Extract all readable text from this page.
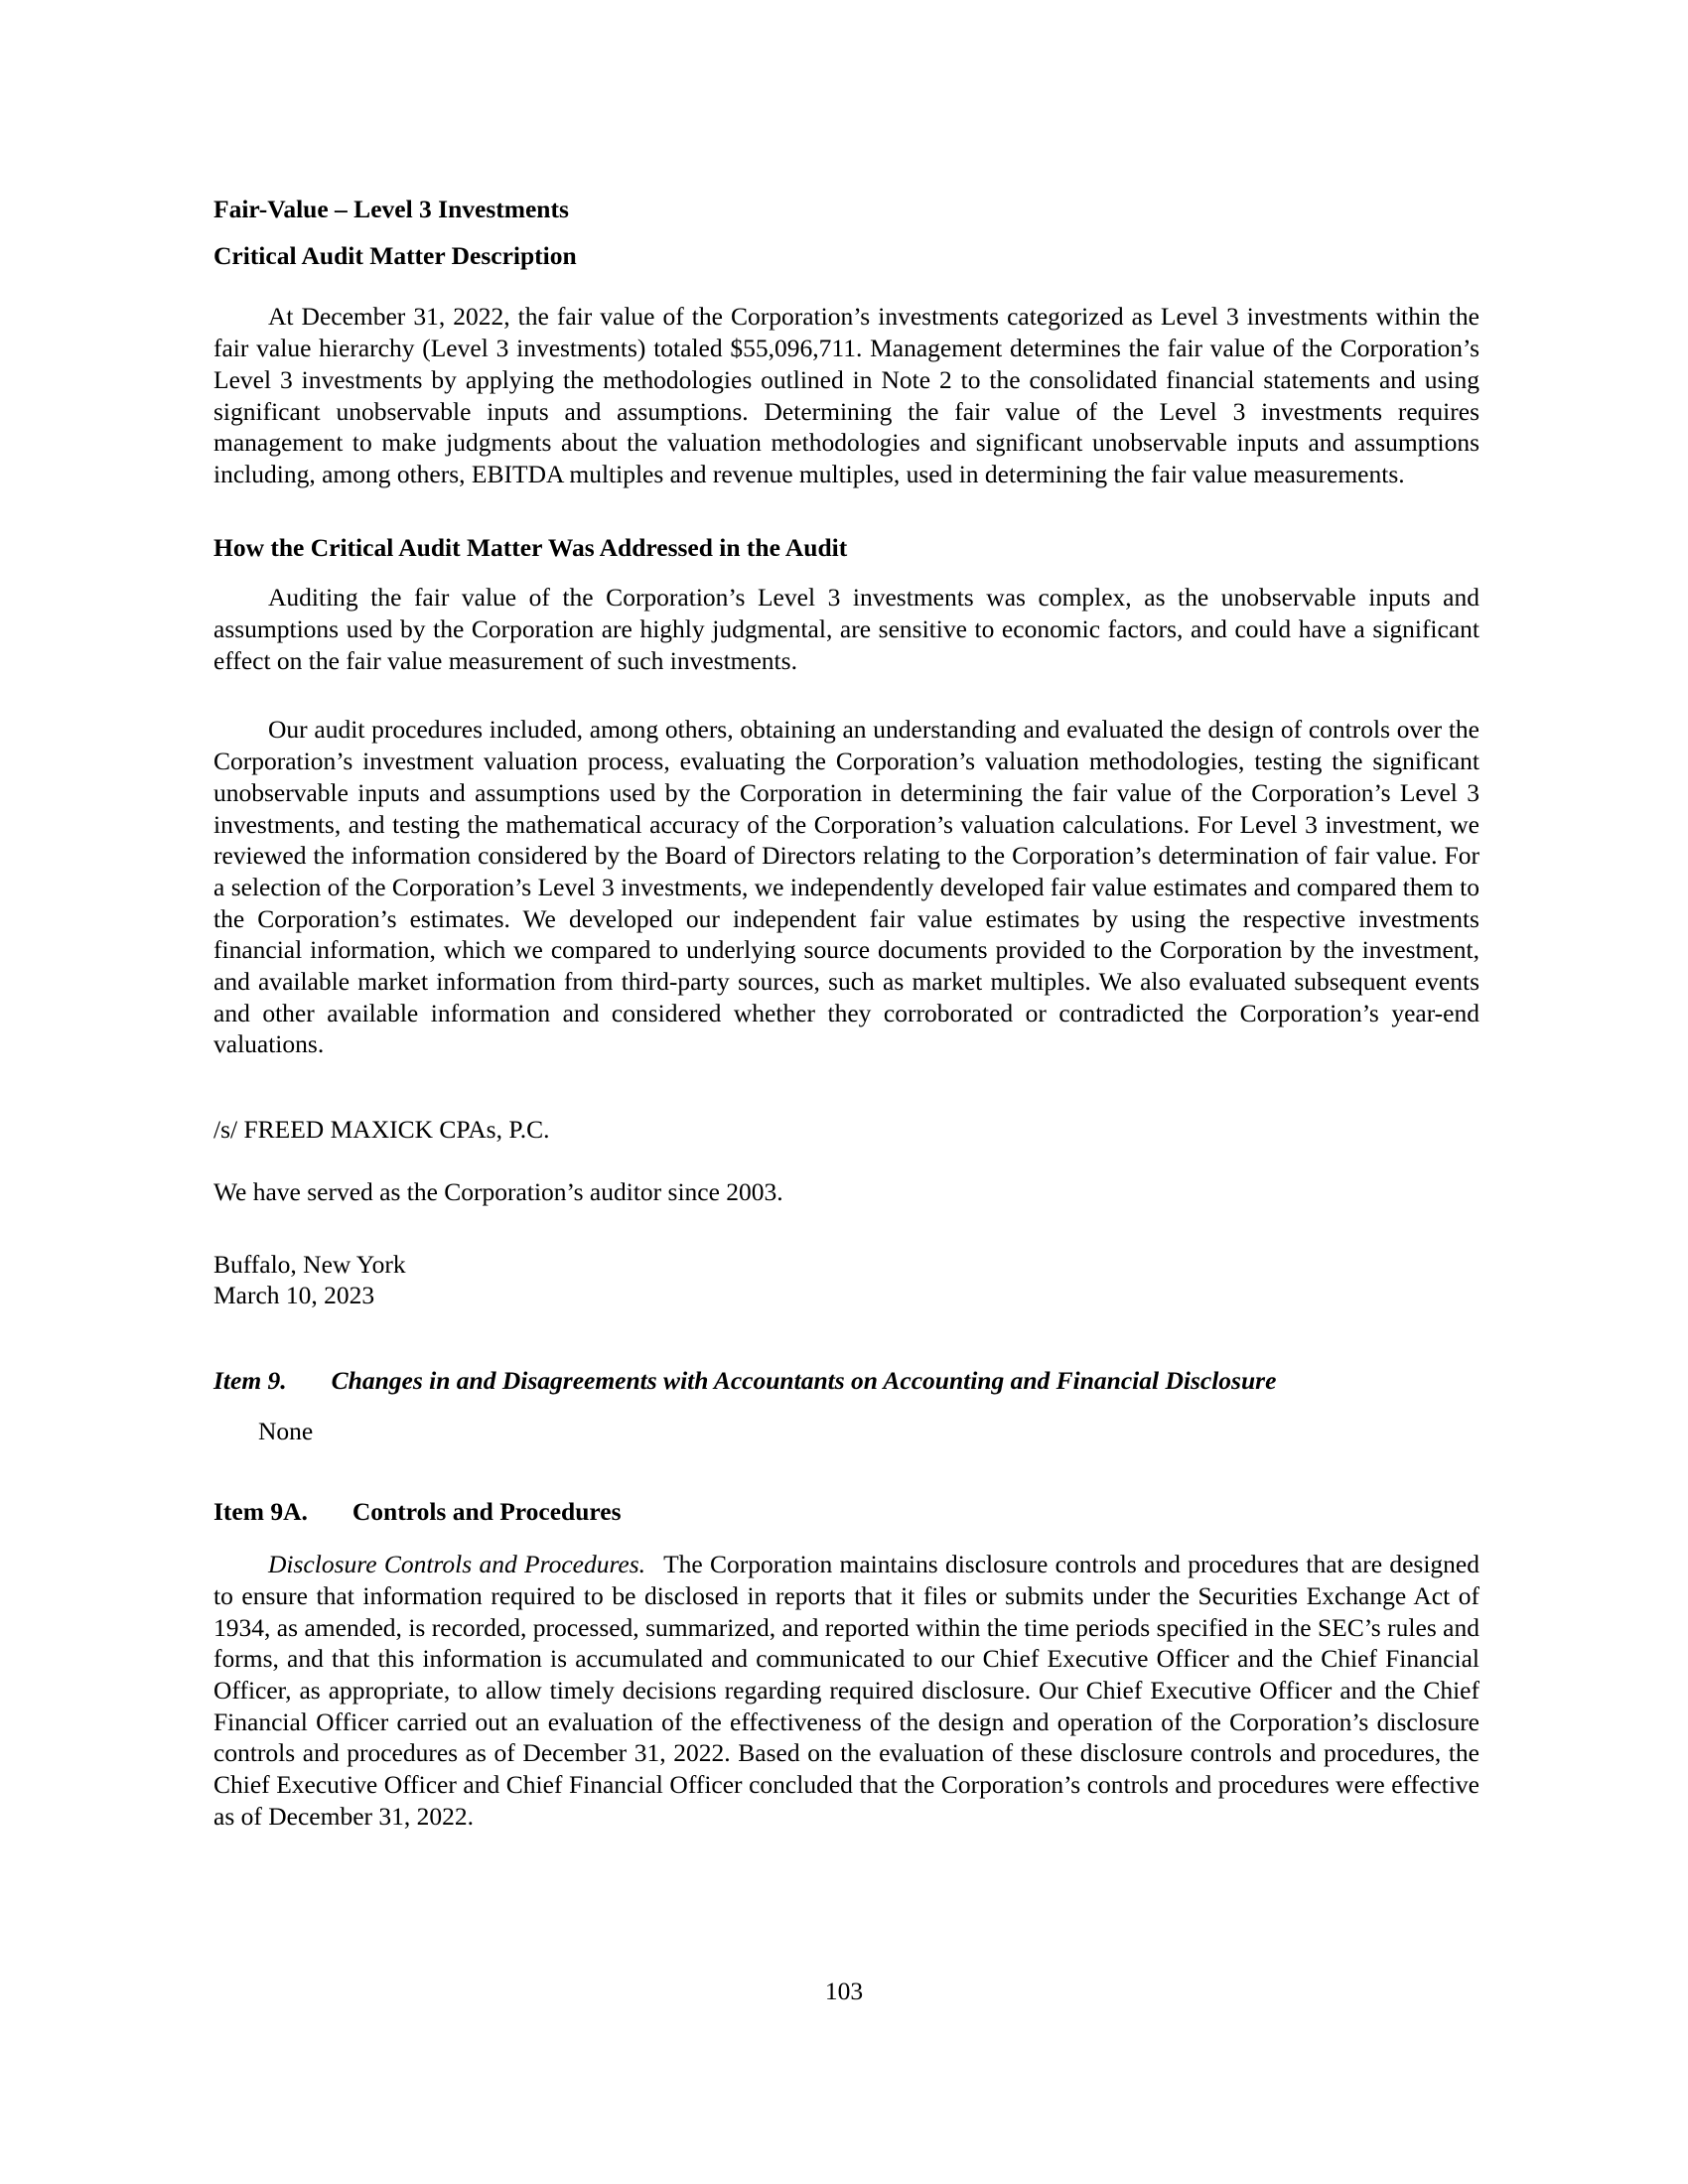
Fair-Value – Level 3 Investments
Critical Audit Matter Description

At December 31, 2022, the fair value of the Corporation’s investments categorized as Level 3 investments within the fair value hierarchy (Level 3 investments) totaled $55,096,711. Management determines the fair value of the Corporation’s Level 3 investments by applying the methodologies outlined in Note 2 to the consolidated financial statements and using significant unobservable inputs and assumptions. Determining the fair value of the Level 3 investments requires management to make judgments about the valuation methodologies and significant unobservable inputs and assumptions including, among others, EBITDA multiples and revenue multiples, used in determining the fair value measurements.

How the Critical Audit Matter Was Addressed in the Audit

Auditing the fair value of the Corporation’s Level 3 investments was complex, as the unobservable inputs and assumptions used by the Corporation are highly judgmental, are sensitive to economic factors, and could have a significant effect on the fair value measurement of such investments.

Our audit procedures included, among others, obtaining an understanding and evaluated the design of controls over the Corporation’s investment valuation process, evaluating the Corporation’s valuation methodologies, testing the significant unobservable inputs and assumptions used by the Corporation in determining the fair value of the Corporation’s Level 3 investments, and testing the mathematical accuracy of the Corporation’s valuation calculations. For Level 3 investment, we reviewed the information considered by the Board of Directors relating to the Corporation’s determination of fair value. For a selection of the Corporation’s Level 3 investments, we independently developed fair value estimates and compared them to the Corporation’s estimates. We developed our independent fair value estimates by using the respective investments financial information, which we compared to underlying source documents provided to the Corporation by the investment, and available market information from third-party sources, such as market multiples. We also evaluated subsequent events and other available information and considered whether they corroborated or contradicted the Corporation’s year-end valuations.

/s/ FREED MAXICK CPAs, P.C.

We have served as the Corporation’s auditor since 2003.

Buffalo, New York

March 10, 2023

Item 9. Changes in and Disagreements with Accountants on Accounting and Financial Disclosure

None

Item 9A. Controls and Procedures

Disclosure Controls and Procedures. The Corporation maintains disclosure controls and procedures that are designed to ensure that information required to be disclosed in reports that it files or submits under the Securities Exchange Act of 1934, as amended, is recorded, processed, summarized, and reported within the time periods specified in the SEC’s rules and forms, and that this information is accumulated and communicated to our Chief Executive Officer and the Chief Financial Officer, as appropriate, to allow timely decisions regarding required disclosure. Our Chief Executive Officer and the Chief Financial Officer carried out an evaluation of the effectiveness of the design and operation of the Corporation’s disclosure controls and procedures as of December 31, 2022. Based on the evaluation of these disclosure controls and procedures, the Chief Executive Officer and Chief Financial Officer concluded that the Corporation’s controls and procedures were effective as of December 31, 2022.

103
